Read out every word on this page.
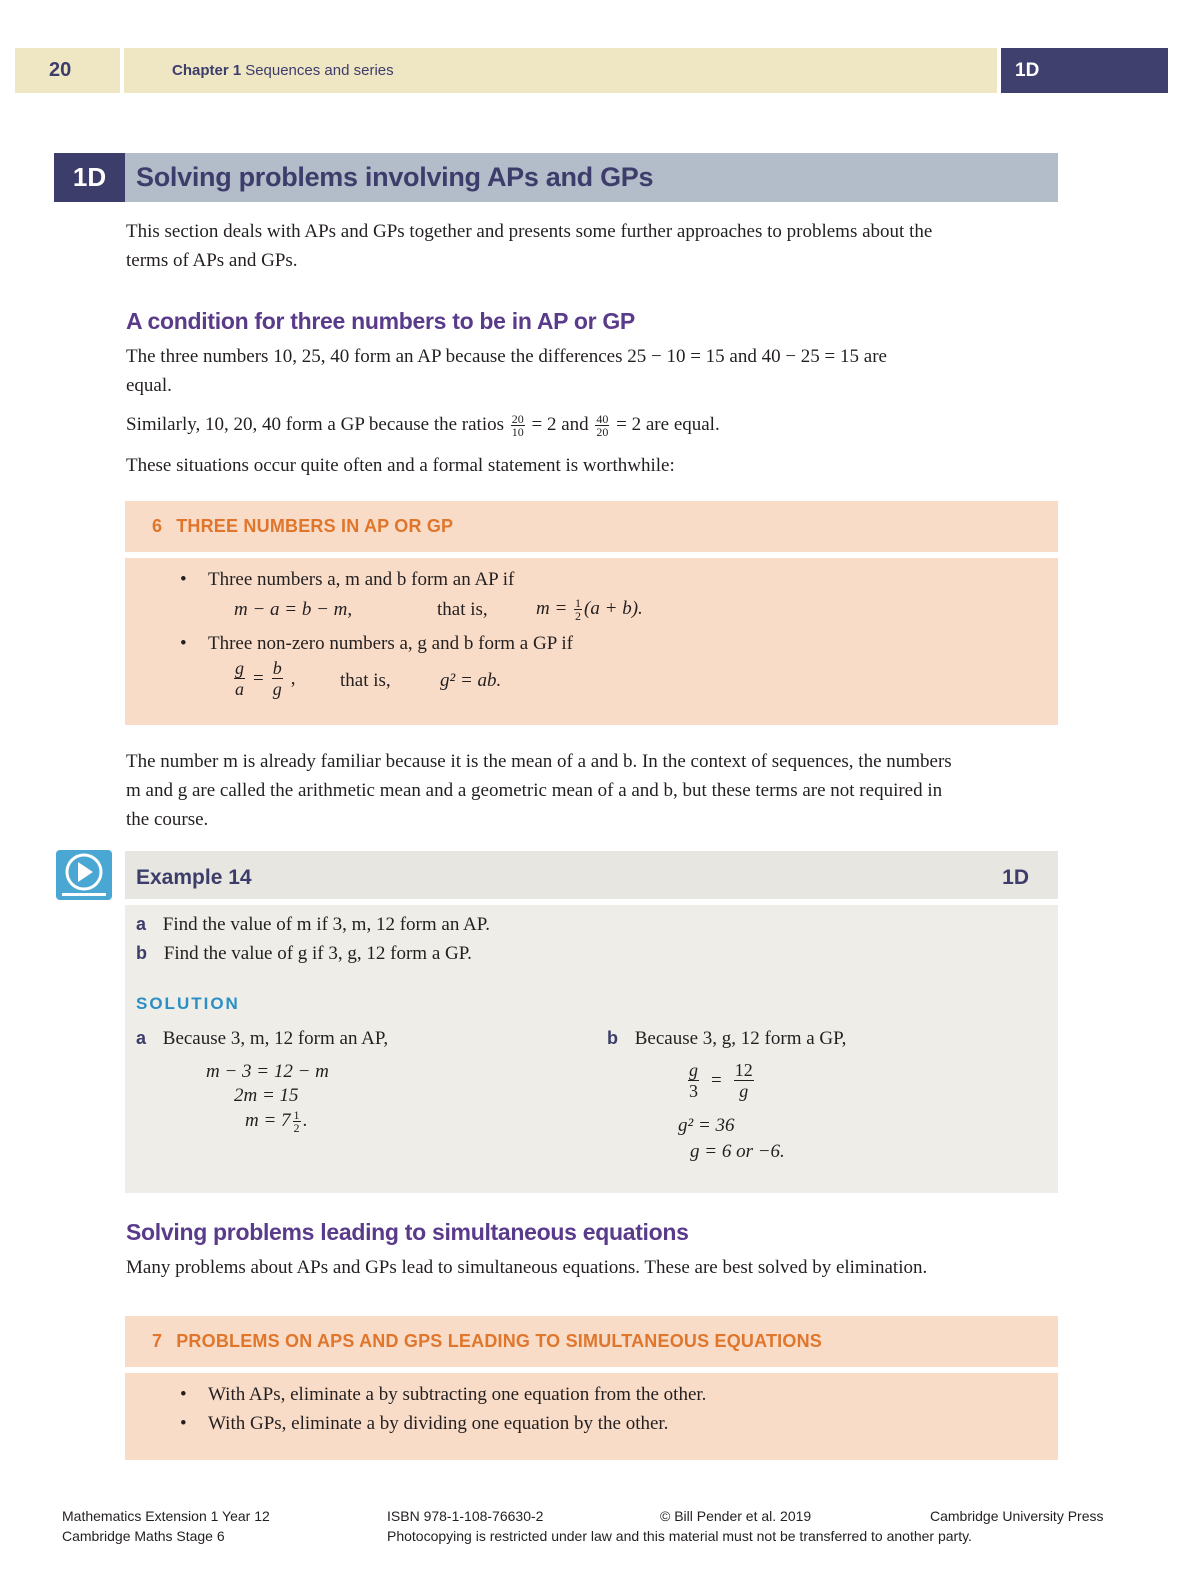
20	Chapter 1 Sequences and series	1D
1D	Solving problems involving APs and GPs
This section deals with APs and GPs together and presents some further approaches to problems about the
terms of APs and GPs.
A condition for three numbers to be in AP or GP
The three numbers 10, 25, 40 form an AP because the differences 25 − 10 = 15 and 40 − 25 = 15 are
equal.
Similarly, 10, 20, 40 form a GP because the ratios $\frac{20}{10} = 2$ and $\frac{40}{20} = 2$ are equal.
These situations occur quite often and a formal statement is worthwhile:
6 THREE NUMBERS IN AP OR GP
• Three numbers a, m and b form an AP if
m − a = b − m,	that is,	$m = \frac{1}{2} (a + b)$.
• Three non-zero numbers a, g and b form a GP if
$\frac{g}{a} = \frac{b}{g}$ , that is,	g² = ab.
The number m is already familiar because it is the mean of a and b. In the context of sequences, the numbers
m and g are called the arithmetic mean and a geometric mean of a and b, but these terms are not required in
the course.
Example 14	1D
a Find the value of m if 3, m, 12 form an AP.
b Find the value of g if 3, g, 12 form a GP.
SOLUTION
a Because 3, m, 12 form an AP,
m − 3 = 12 − m
2m = 15
$m = 7 \frac{1}{2}$ .
b Because 3, g, 12 form a GP,
$\frac{g}{3} = \frac{12}{g}$
g² = 36
g = 6 or −6.
Solving problems leading to simultaneous equations
Many problems about APs and GPs lead to simultaneous equations. These are best solved by elimination.
7 PROBLEMS ON APS AND GPS LEADING TO SIMULTANEOUS EQUATIONS
• With APs, eliminate a by subtracting one equation from the other.
• With GPs, eliminate a by dividing one equation by the other.
Mathematics Extension 1 Year 12
Cambridge Maths Stage 6
ISBN 978-1-108-76630-2	© Bill Pender et al. 2019	Cambridge University Press
Photocopying is restricted under law and this material must not be transferred to another party.
